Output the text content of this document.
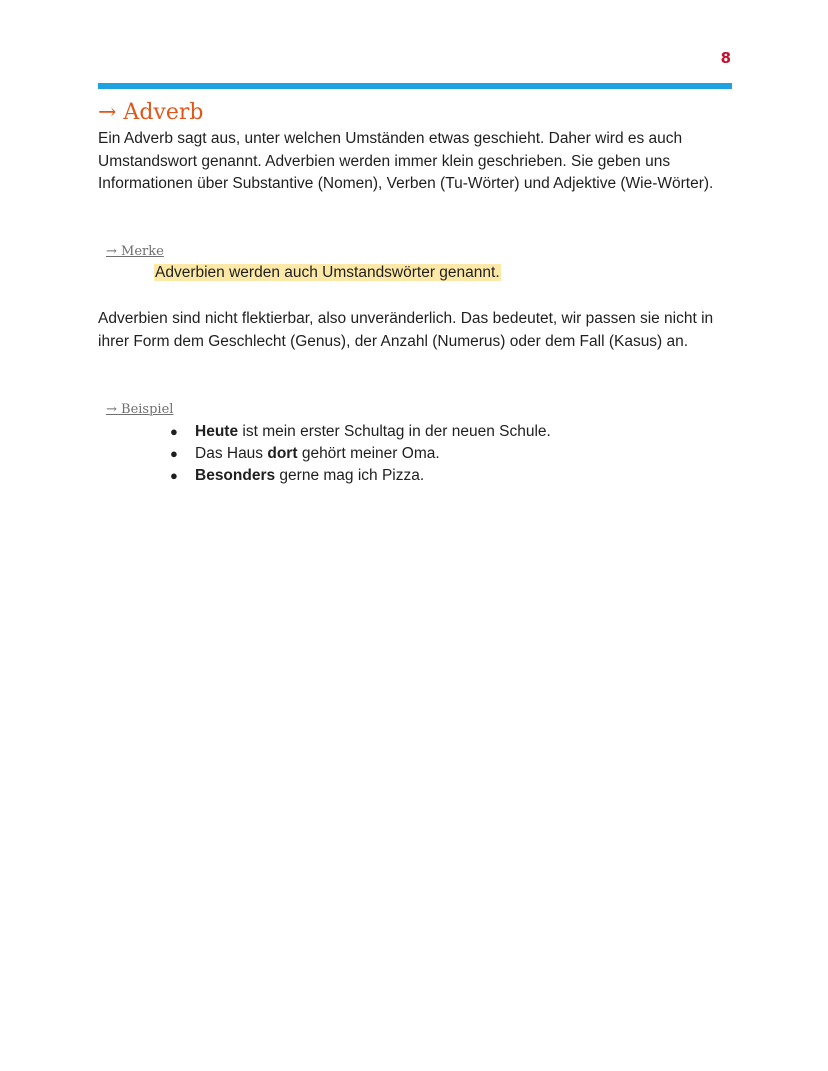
8
→ Adverb
Ein Adverb sagt aus, unter welchen Umständen etwas geschieht. Daher wird es auch Umstandswort genannt. Adverbien werden immer klein geschrieben. Sie geben uns Informationen über Substantive (Nomen), Verben (Tu-Wörter) und Adjektive (Wie-Wörter).
→ Merke
Adverbien werden auch Umstandswörter genannt.
Adverbien sind nicht flektierbar, also unveränderlich. Das bedeutet, wir passen sie nicht in ihrer Form dem Geschlecht (Genus), der Anzahl (Numerus) oder dem Fall (Kasus) an.
→ Beispiel
● Heute ist mein erster Schultag in der neuen Schule.
● Das Haus dort gehört meiner Oma.
● Besonders gerne mag ich Pizza.
